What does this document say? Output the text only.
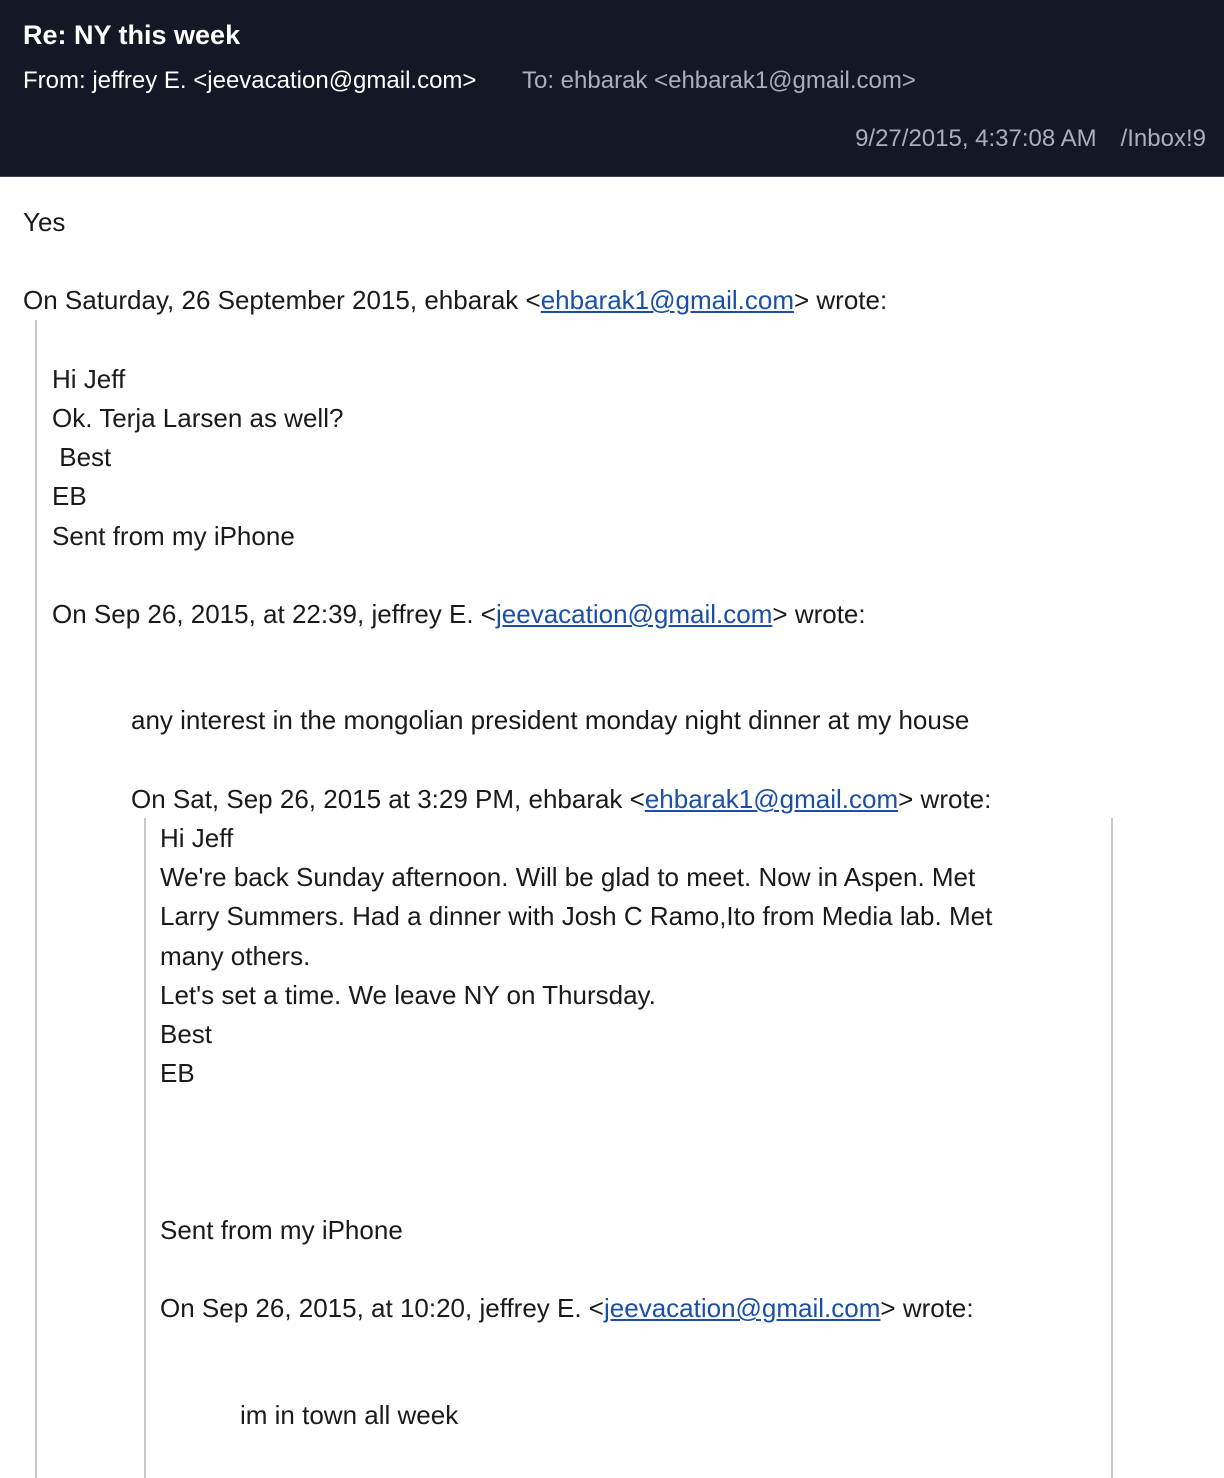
Re: NY this week
From: jeffrey E. <jeevacation@gmail.com> To: ehbarak <ehbarak1@gmail.com>
9/27/2015, 4:37:08 AM /Inbox!9
Yes
On Saturday, 26 September 2015, ehbarak <ehbarak1@gmail.com> wrote:
Hi Jeff
Ok. Terja Larsen as well?
Best
EB
Sent from my iPhone
On Sep 26, 2015, at 22:39, jeffrey E. <jeevacation@gmail.com> wrote:
any interest in the mongolian president monday night dinner at my house
On Sat, Sep 26, 2015 at 3:29 PM, ehbarak <ehbarak1@gmail.com> wrote:
Hi Jeff
We're back Sunday afternoon. Will be glad to meet. Now in Aspen. Met
Larry Summers. Had a dinner with Josh C Ramo,Ito from Media lab. Met
many others.
Let's set a time. We leave NY on Thursday.
Best
EB
Sent from my iPhone
On Sep 26, 2015, at 10:20, jeffrey E. <jeevacation@gmail.com> wrote:
im in town all week
